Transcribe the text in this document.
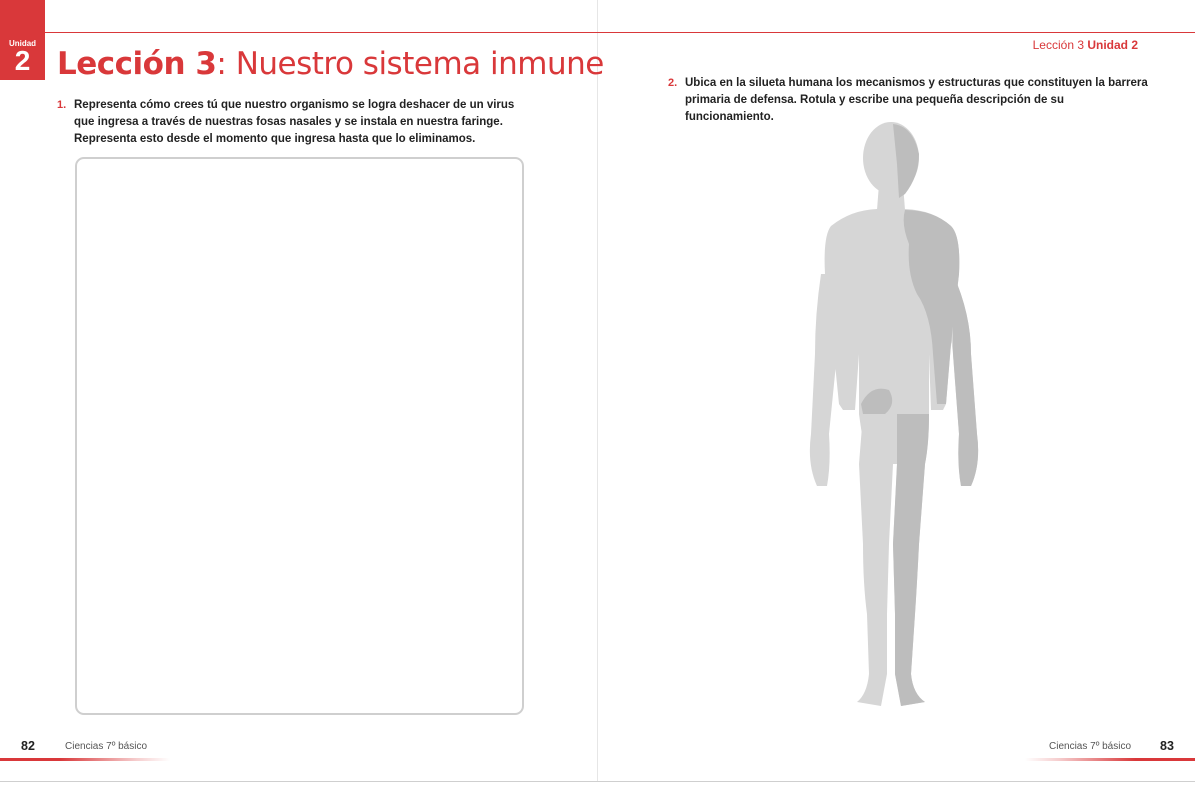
Unidad
2 Lección 3: Nuestro sistema inmune
1. Representa cómo crees tú que nuestro organismo se logra deshacer de un virus que ingresa a través de nuestras fosas nasales y se instala en nuestra faringe. Representa esto desde el momento que ingresa hasta que lo eliminamos.
82	Ciencias 7º básico
Lección 3 Unidad 2
2. Ubica en la silueta humana los mecanismos y estructuras que constituyen la barrera primaria de defensa. Rotula y escribe una pequeña descripción de su funcionamiento.
Ciencias 7º básico 83
